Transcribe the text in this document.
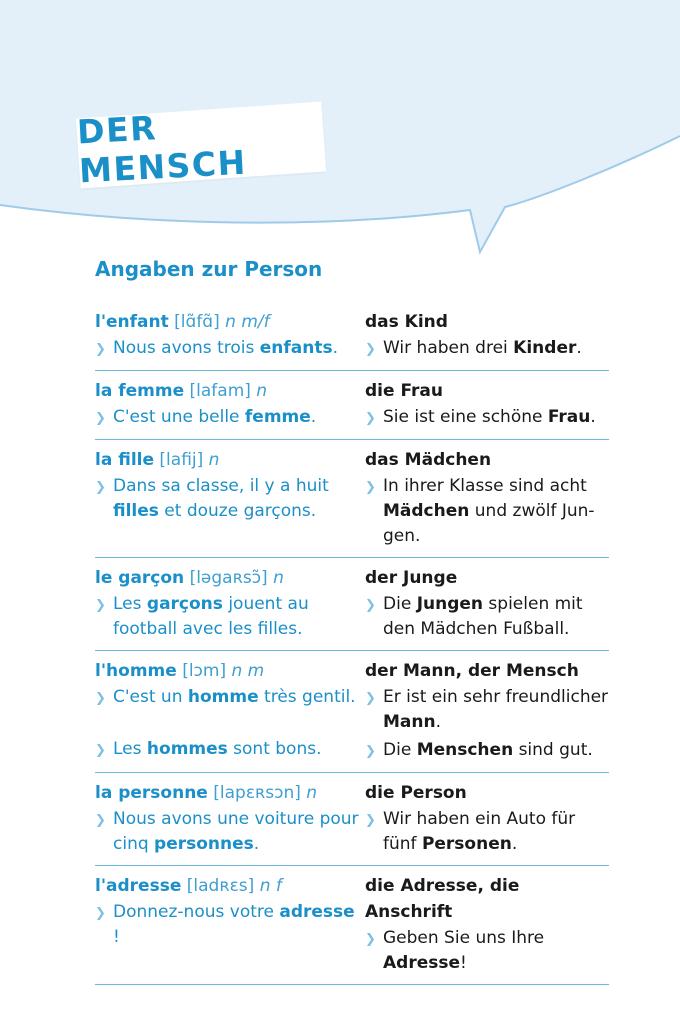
DER MENSCH
Angaben zur Person
l'enfant [lɑ̃fɑ̃] n m/f
❯ Nous avons trois enfants.
das Kind
❯ Wir haben drei Kinder.
la femme [lafam] n
❯ C'est une belle femme.
die Frau
❯ Sie ist eine schöne Frau.
la fille [lafij] n
❯ Dans sa classe, il y a huit filles et douze garçons.
das Mädchen
❯ In ihrer Klasse sind acht Mädchen und zwölf Jun-gen.
le garçon [ləgaʀsɔ̃] n
❯ Les garçons jouent au football avec les filles.
der Junge
❯ Die Jungen spielen mit den Mädchen Fußball.
l'homme [lɔm] n m
❯ C'est un homme très gentil.
❯ Les hommes sont bons.
der Mann, der Mensch
❯ Er ist ein sehr freundlicher Mann.
❯ Die Menschen sind gut.
la personne [lapɛʀsɔn] n
❯ Nous avons une voiture pour cinq personnes.
die Person
❯ Wir haben ein Auto für fünf Personen.
l'adresse [ladʀɛs] n f
❯ Donnez-nous votre adresse !
die Adresse, die Anschrift
❯ Geben Sie uns Ihre Adresse!
